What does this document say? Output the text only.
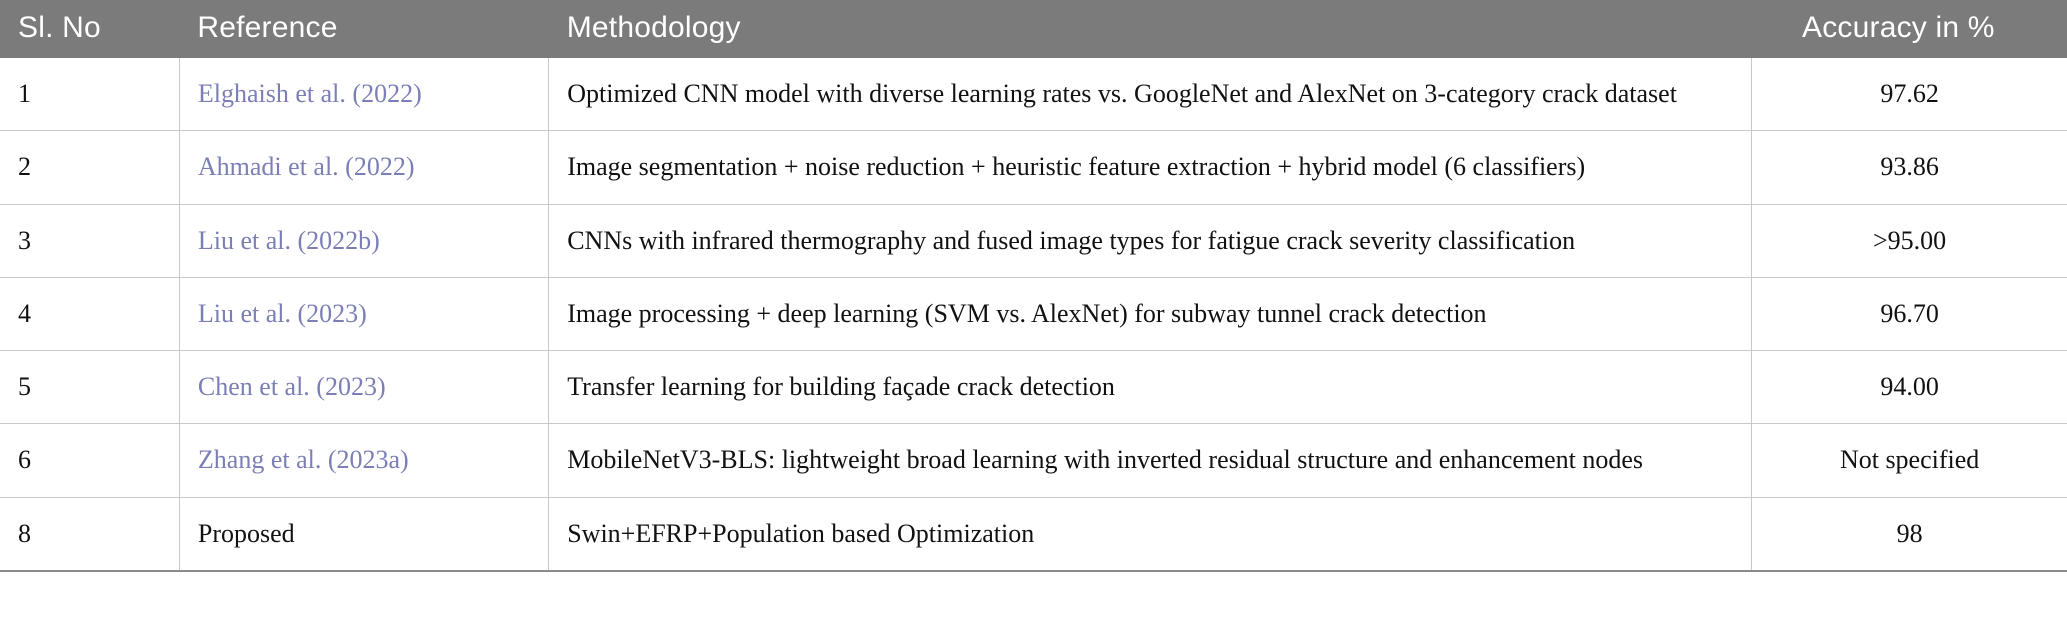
Sl. No	Reference	Methodology	Accuracy in %
1	Elghaish et al. (2022)	Optimized CNN model with diverse learning rates vs. GoogleNet and AlexNet on 3-category crack dataset	97.62
2	Ahmadi et al. (2022)	Image segmentation + noise reduction + heuristic feature extraction + hybrid model (6 classifiers)	93.86
3	Liu et al. (2022b)	CNNs with infrared thermography and fused image types for fatigue crack severity classification	>95.00
4	Liu et al. (2023)	Image processing + deep learning (SVM vs. AlexNet) for subway tunnel crack detection	96.70
5	Chen et al. (2023)	Transfer learning for building façade crack detection	94.00
6	Zhang et al. (2023a)	MobileNetV3-BLS: lightweight broad learning with inverted residual structure and enhancement nodes	Not specified
8	Proposed	Swin+EFRP+Population based Optimization	98
